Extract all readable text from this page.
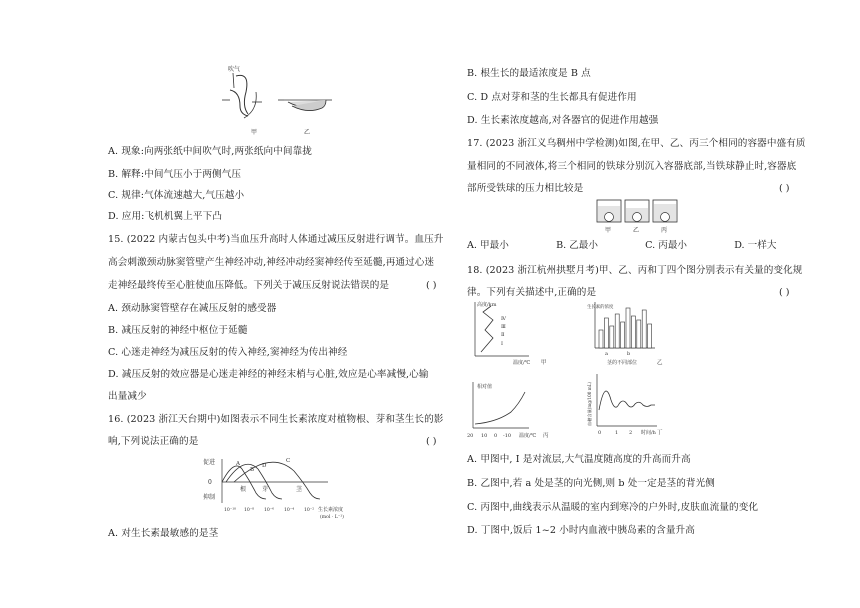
吹气
甲	乙
A. 现象:向两张纸中间吹气时,两张纸向中间靠拢
B. 解释:中间气压小于两侧气压
C. 规律:气体流速越大,气压越小
D. 应用:飞机机翼上平下凸
15. (2022 内蒙古包头中考)当血压升高时人体通过减压反射进行调节。血压升
高会刺激颈动脉窦管壁产生神经冲动,神经冲动经窦神经传至延髓,再通过心迷
走神经最终传至心脏使血压降低。下列关于减压反射说法错误的是	( )
A. 颈动脉窦管壁存在减压反射的感受器
B. 减压反射的神经中枢位于延髓
C. 心迷走神经为减压反射的传入神经,窦神经为传出神经
D. 减压反射的效应器是心迷走神经的神经末梢与心脏,效应是心率减慢,心输
出量减少
16. (2023 浙江天台期中)如图表示不同生长素浓度对植物根、芽和茎生长的影
响,下列说法正确的是	( )
促进
0
抑制
A
B
D
C
根	芽	茎
10⁻¹⁰ 10⁻⁸ 10⁻⁶ 10⁻⁴ 10⁻² 生长素浓度
(mol · L⁻¹)
A. 对生长素最敏感的是茎
B. 根生长的最适浓度是 B 点
C. D 点对芽和茎的生长都具有促进作用
D. 生长素浓度越高,对各器官的促进作用越强
17. (2023 浙江义乌稠州中学检测)如图,在甲、乙、丙三个相同的容器中盛有质
量相同的不同液体,将三个相同的铁球分别沉入容器底部,当铁球静止时,容器底
部所受铁球的压力相比较是	( )
甲	乙	丙
A. 甲最小	B. 乙最小	C. 丙最小	D. 一样大
18. (2023 浙江杭州拱墅月考)甲、乙、丙和丁四个图分别表示有关量的变化规
律。下列有关描述中,正确的是	( )
高度/km
Ⅳ
Ⅲ
Ⅱ
Ⅰ
温度/℃ 甲
生长素的浓度
a	b
茎的不同部位	乙
相对值
20 10 0 -10 温度/℃ 丙
血糖含量(mg/100 mL)
0	1 2 时间/h 丁
A. 甲图中, Ⅰ 是对流层,大气温度随高度的升高而升高
B. 乙图中,若 a 处是茎的向光侧,则 b 处一定是茎的背光侧
C. 丙图中,曲线表示从温暖的室内到寒冷的户外时,皮肤血流量的变化
D. 丁图中,饭后 1~2 小时内血液中胰岛素的含量升高
